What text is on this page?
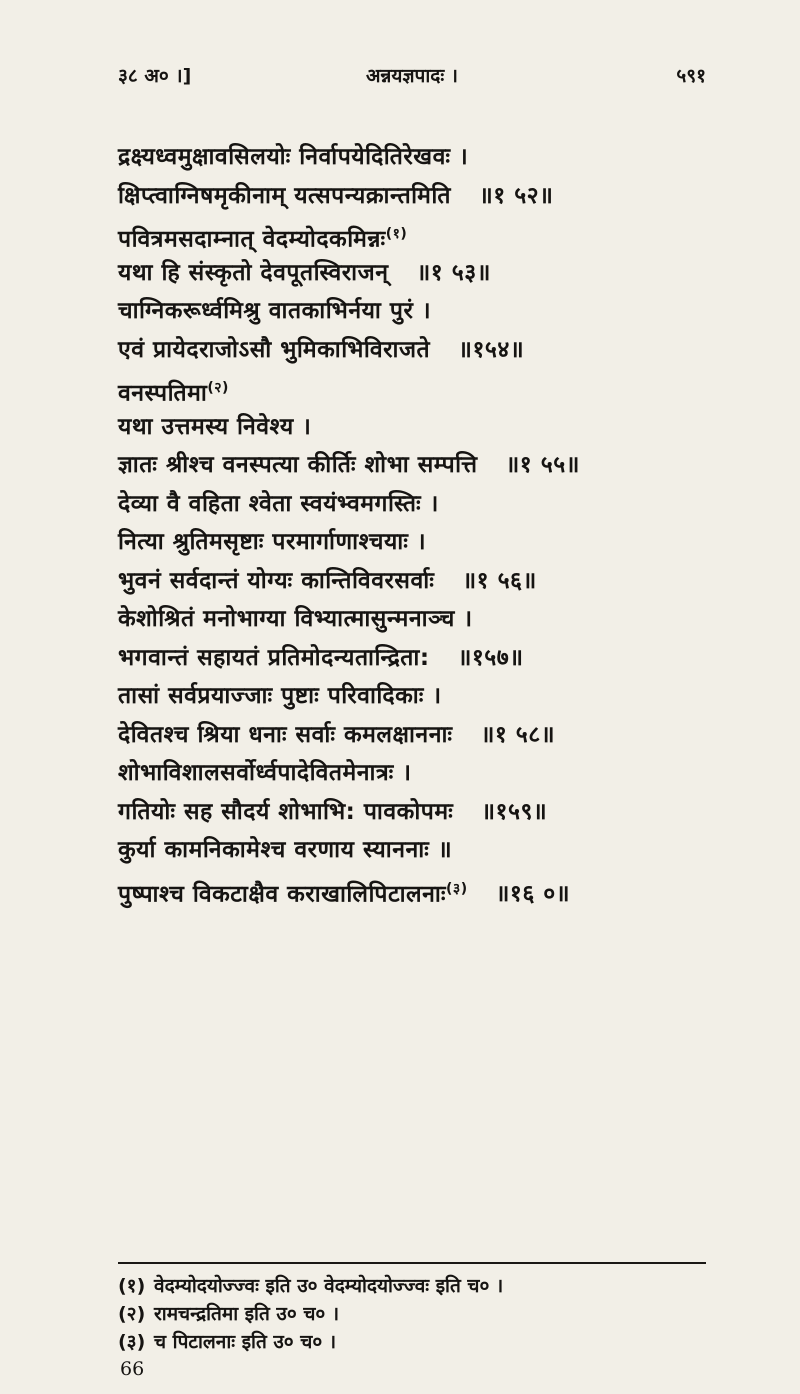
३८ अ० ।]	अन्नयज्ञपादः ।	५९१
द्रक्ष्यध्वमुक्षावसिलयोः निर्वापयेदितिरेखवः ।
क्षिप्त्वाग्निषमृकीनाम् यत्सपन्यक्रान्तमिति ॥१ ५२॥
पवित्रमसदाम्नात् वेदम्योदकमिन्नः$^{(१)}$
यथा हि संस्कृतो देवपूतस्विराजन् ॥१ ५३॥
चाग्निकरूर्ध्वमिश्रु वातकाभिर्नया पुरं ।
एवं प्रायेदराजोऽसौ भुमिकाभिविराजते ॥१५४॥
वनस्पतिमा$^{(२)}$
यथा उत्तमस्य निवेश्य ।
ज्ञातः श्रीश्च वनस्पत्या कीर्तिः शोभा सम्पत्ति ॥१ ५५॥
देव्या वै वहिता श्वेता स्वयंभ्वमगस्तिः ।
नित्या श्रुतिमसृष्टाः परमार्गाणाश्चयाः ।
भुवनं सर्वदान्तं योग्यः कान्तिविवरसर्वाः ॥१ ५६॥
केशोश्रितं मनोभाग्या विभ्यात्मासुन्मनाञ्च ।
भगवान्तं सहायतं प्रतिमोदन्यतान्द्रिता: ॥१५७॥
तासां सर्वप्रयाज्जाः पुष्टाः परिवादिकाः ।
देवितश्च श्रिया धनाः सर्वाः कमलक्षाननाः ॥१ ५८॥
शोभाविशालसर्वोर्ध्वपादेवितमेनात्रः ।
गतियोः सह सौदर्य शोभाभि: पावकोपमः ॥१५९॥
कुर्या कामनिकामेश्च वरणाय स्याननाः ॥
पुष्पाश्च विकटाक्षैव कराखालिपिटालनाः$^{(३)}$ ॥१६ ०॥
(१) वेदम्योदयोज्ज्वः इति उ० वेदम्योदयोज्ज्वः इति च० ।
(२) रामचन्द्रतिमा इति उ० च० ।
(३) च पिटालनाः इति उ० च० ।
66
